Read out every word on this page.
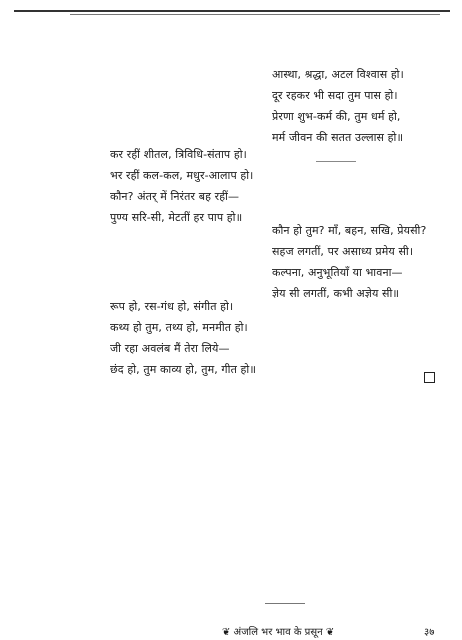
आस्था, श्रद्धा, अटल विश्वास हो।
दूर रहकर भी सदा तुम पास हो।
प्रेरणा शुभ-कर्म की, तुम धर्म हो,
मर्म जीवन की सतत उल्लास हो॥
कर रहीं शीतल, त्रिविधि-संताप हो।
भर रहीं कल-कल, मधुर-आलाप हो।
कौन? अंतर् में निरंतर बह रहीं—
पुण्य सरि-सी, मेटतीं हर पाप हो॥
कौन हो तुम? माँ, बहन, सखि, प्रेयसी?
सहज लगतीं, पर असाध्य प्रमेय सी।
कल्पना, अनुभूतियाँ या भावना—
ज्ञेय सी लगतीं, कभी अज्ञेय सी॥
रूप हो, रस-गंध हो, संगीत हो।
कथ्य हो तुम, तथ्य हो, मनमीत हो।
जी रहा अवलंब मैं तेरा लिये—
छंद हो, तुम काव्य हो, तुम, गीत हो॥
❦ अंजलि भर भाव के प्रसून ❦	३७
